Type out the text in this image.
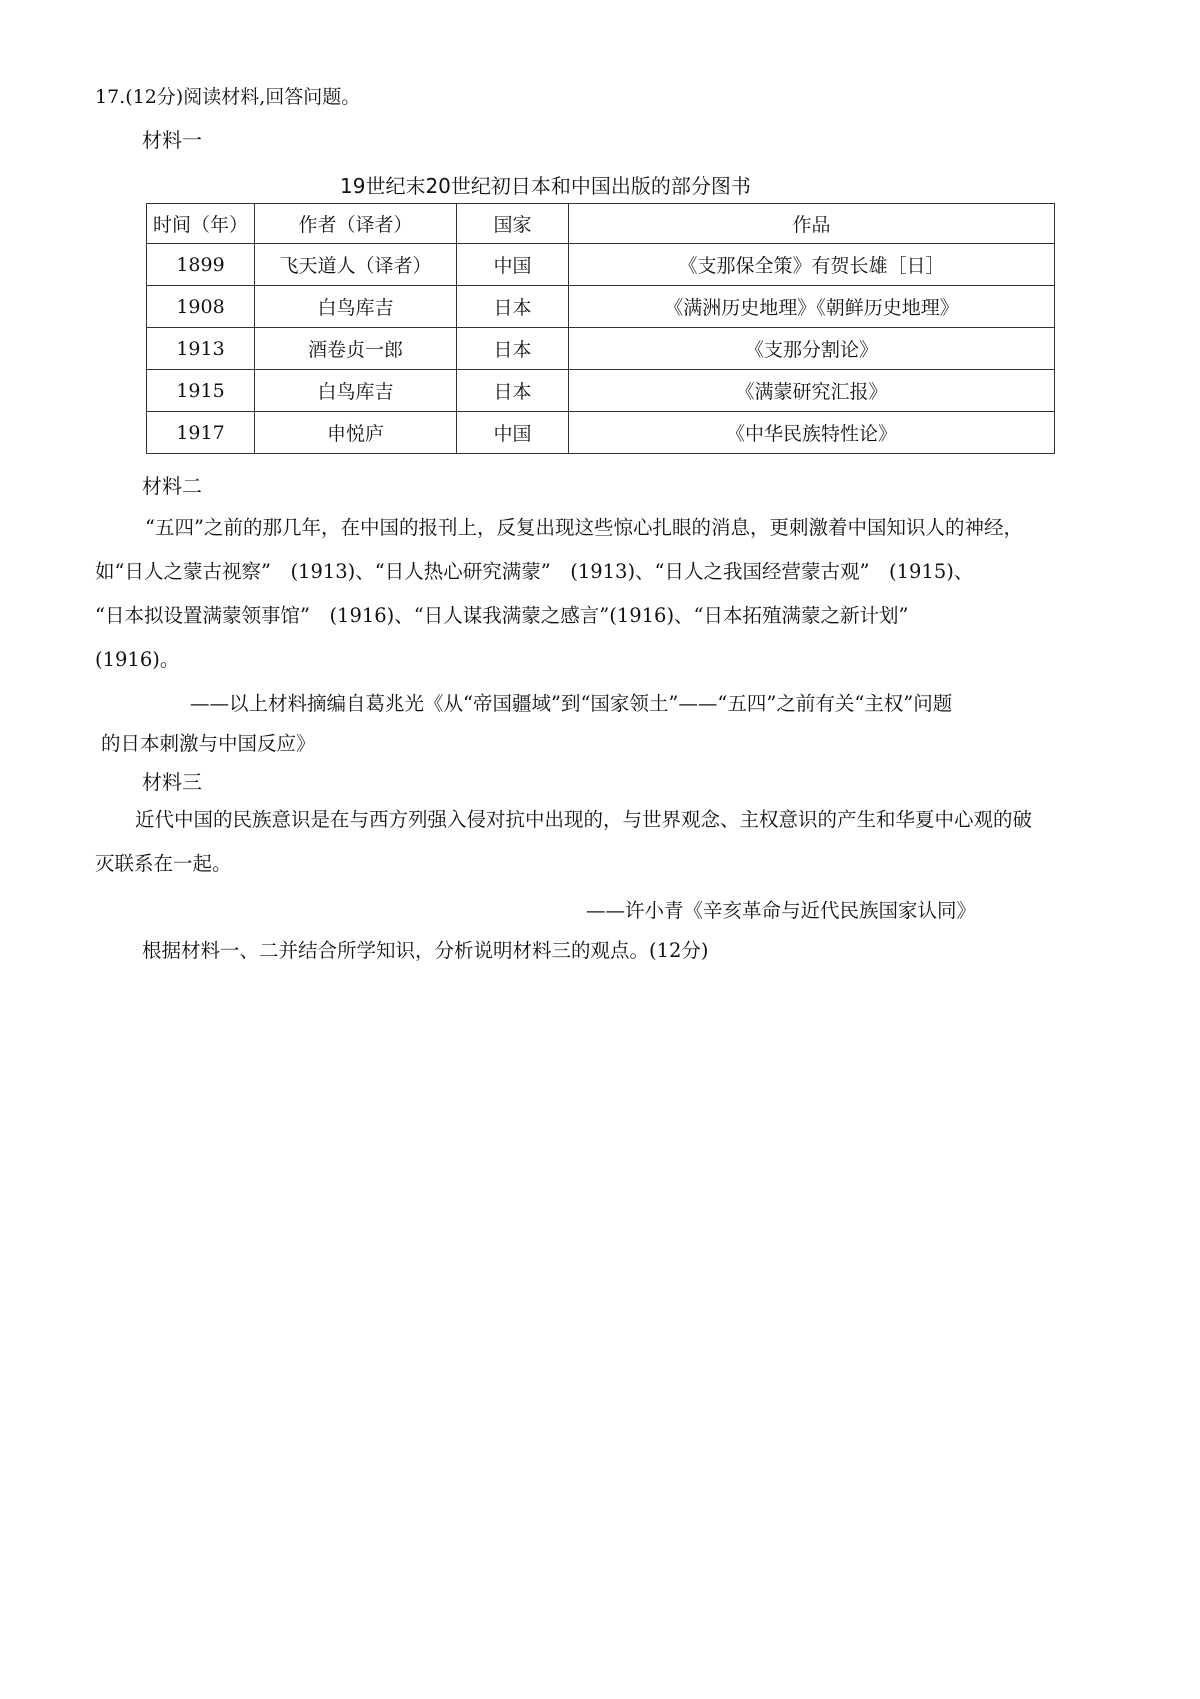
17.(12分)阅读材料,回答问题。
材料一
19世纪末20世纪初日本和中国出版的部分图书
时间（年）	作者（译者）	国家	作品
1899	飞天道人（译者）	中国	《支那保全策》有贺长雄［日］
1908	白鸟库吉	日本	《满洲历史地理》《朝鲜历史地理》
1913	酒卷贞一郎	日本	《支那分割论》
1915	白鸟库吉	日本	《满蒙研究汇报》
1917	申悦庐	中国	《中华民族特性论》
材料二
“五四”之前的那几年，在中国的报刊上，反复出现这些惊心扎眼的消息，更刺激着中国知识人的神经，
如“日人之蒙古视察”　(1913)、“日人热心研究满蒙”　(1913)、“日人之我国经营蒙古观”　(1915)、
“日本拟设置满蒙领事馆”　(1916)、“日人谋我满蒙之感言”(1916)、“日本拓殖满蒙之新计划”
(1916)。
——以上材料摘编自葛兆光《从“帝国疆域”到“国家领土”——“五四”之前有关“主权”问题
的日本刺激与中国反应》
材料三
近代中国的民族意识是在与西方列强入侵对抗中出现的，与世界观念、主权意识的产生和华夏中心观的破
灭联系在一起。
——许小青《辛亥革命与近代民族国家认同》
根据材料一、二并结合所学知识，分析说明材料三的观点。(12分)
